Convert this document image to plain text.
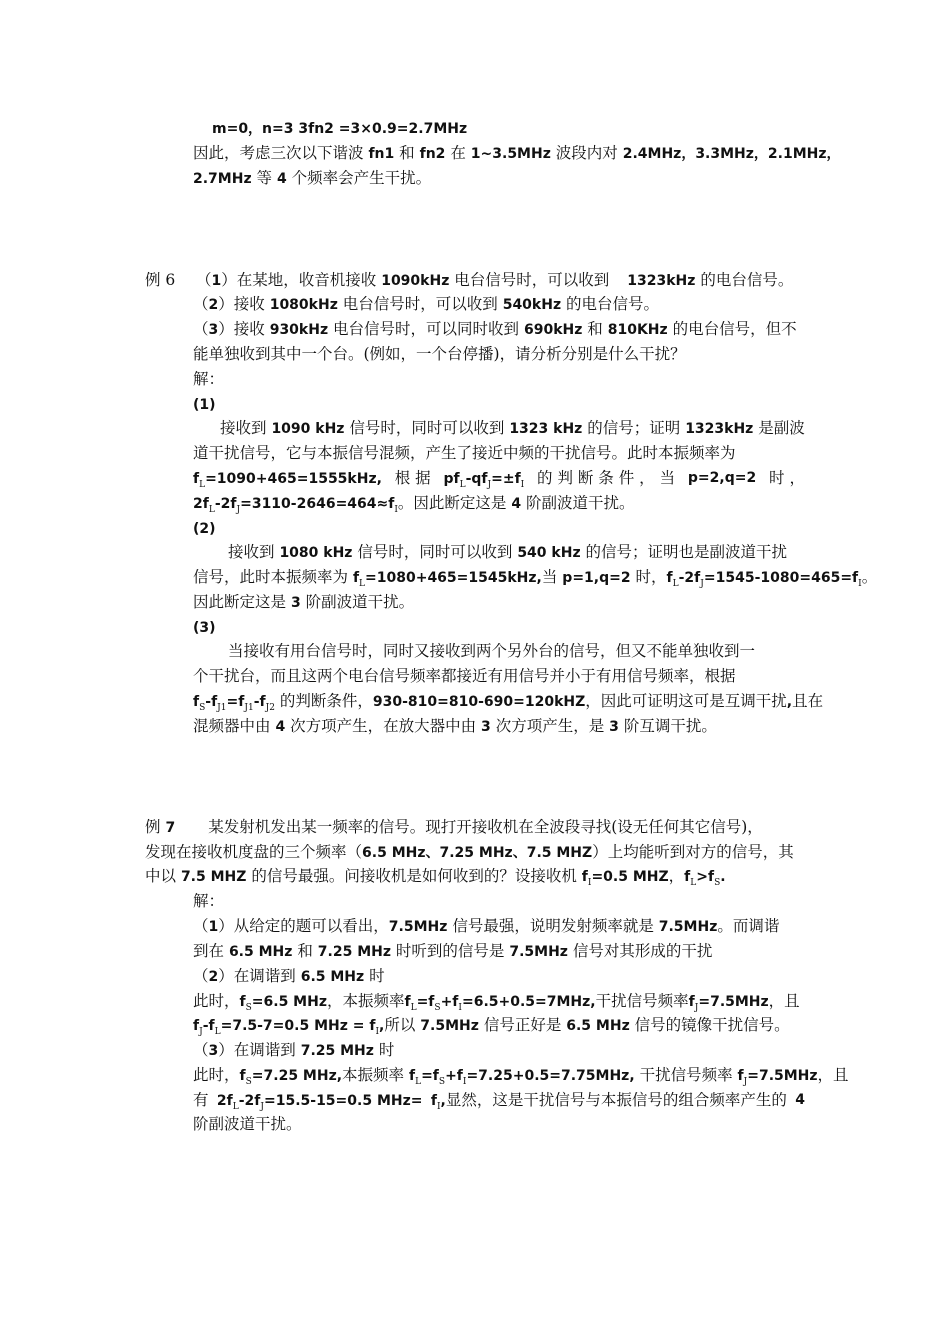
m=0，n=3 3fn2 =3×0.9=2.7MHz
因此，考虑三次以下谐波 fn1 和 fn2 在 1~3.5MHz 波段内对 2.4MHz，3.3MHz，2.1MHz，
2.7MHz 等 4 个频率会产生干扰。
例 6 （1）在某地，收音机接收 1090kHz 电台信号时，可以收到 1323kHz 的电台信号。
（2）接收 1080kHz 电台信号时，可以收到 540kHz 的电台信号。
（3）接收 930kHz 电台信号时，可以同时收到 690kHz 和 810KHz 的电台信号，但不
能单独收到其中一个台。(例如，一个台停播)，请分析分别是什么干扰？
解：
(1)
接收到 1090 kHz 信号时，同时可以收到 1323 kHz 的信号；证明 1323kHz 是副波
道干扰信号，它与本振信号混频，产生了接近中频的干扰信号。此时本振频率为
$f_L=1090+465=1555kHz$, 根 据 $pf_L-qf_J=\pm f_I$ 的 判 断 条 件 ， 当 p=2,q=2 时 ，
$2f_L-2f_J=3110-2646=464\approx f_I$。因此断定这是 4 阶副波道干扰。
(2)
接收到 1080 kHz 信号时，同时可以收到 540 kHz 的信号；证明也是副波道干扰
信号，此时本振频率为 $f_L=1080+465=1545kHz$,当 p=1,q=2 时，$f_L-2f_J=1545-1080=465=f_I$。
因此断定这是 3 阶副波道干扰。
(3)
当接收有用台信号时，同时又接收到两个另外台的信号，但又不能单独收到一
个干扰台，而且这两个电台信号频率都接近有用信号并小于有用信号频率，根据
$f_S-f_{J1}=f_{J1}-f_{J2}$ 的判断条件，930-810=810-690=120kHZ，因此可证明这可是互调干扰,且在
混频器中由 4 次方项产生，在放大器中由 3 次方项产生，是 3 阶互调干扰。
例 7 某发射机发出某一频率的信号。现打开接收机在全波段寻找(设无任何其它信号)，
发现在接收机度盘的三个频率（6.5 MHz、7.25 MHz、7.5 MHZ）上均能听到对方的信号，其
中以 7.5 MHZ 的信号最强。问接收机是如何收到的？设接收机 $f_I=0.5$ MHZ，$f_L>f_S$.
解：
（1）从给定的题可以看出，7.5MHz 信号最强，说明发射频率就是 7.5MHz。而调谐
到在 6.5 MHz 和 7.25 MHz 时听到的信号是 7.5MHz 信号对其形成的干扰
（2）在调谐到 6.5 MHz 时
此时，$f_S=6.5$ MHz，本振频率$f_L=f_S+f_I=6.5+0.5=7MHz$,干扰信号频率$f_J=7.5MHz$，且
$f_J-f_L=7.5-7=0.5$ MHz = $f_I$,所以 7.5MHz 信号正好是 6.5 MHz 信号的镜像干扰信号。
（3）在调谐到 7.25 MHz 时
此时，$f_S=7.25$ MHz,本振频率 $f_L=f_S+f_I=7.25+0.5=7.75MHz$, 干扰信号频率 $f_J=7.5MHz$，且
有 $2f_L-2f_J=15.5-15=0.5$ $MHz= f_I$,显然，这是干扰信号与本振信号的组合频率产生的 4
阶副波道干扰。
